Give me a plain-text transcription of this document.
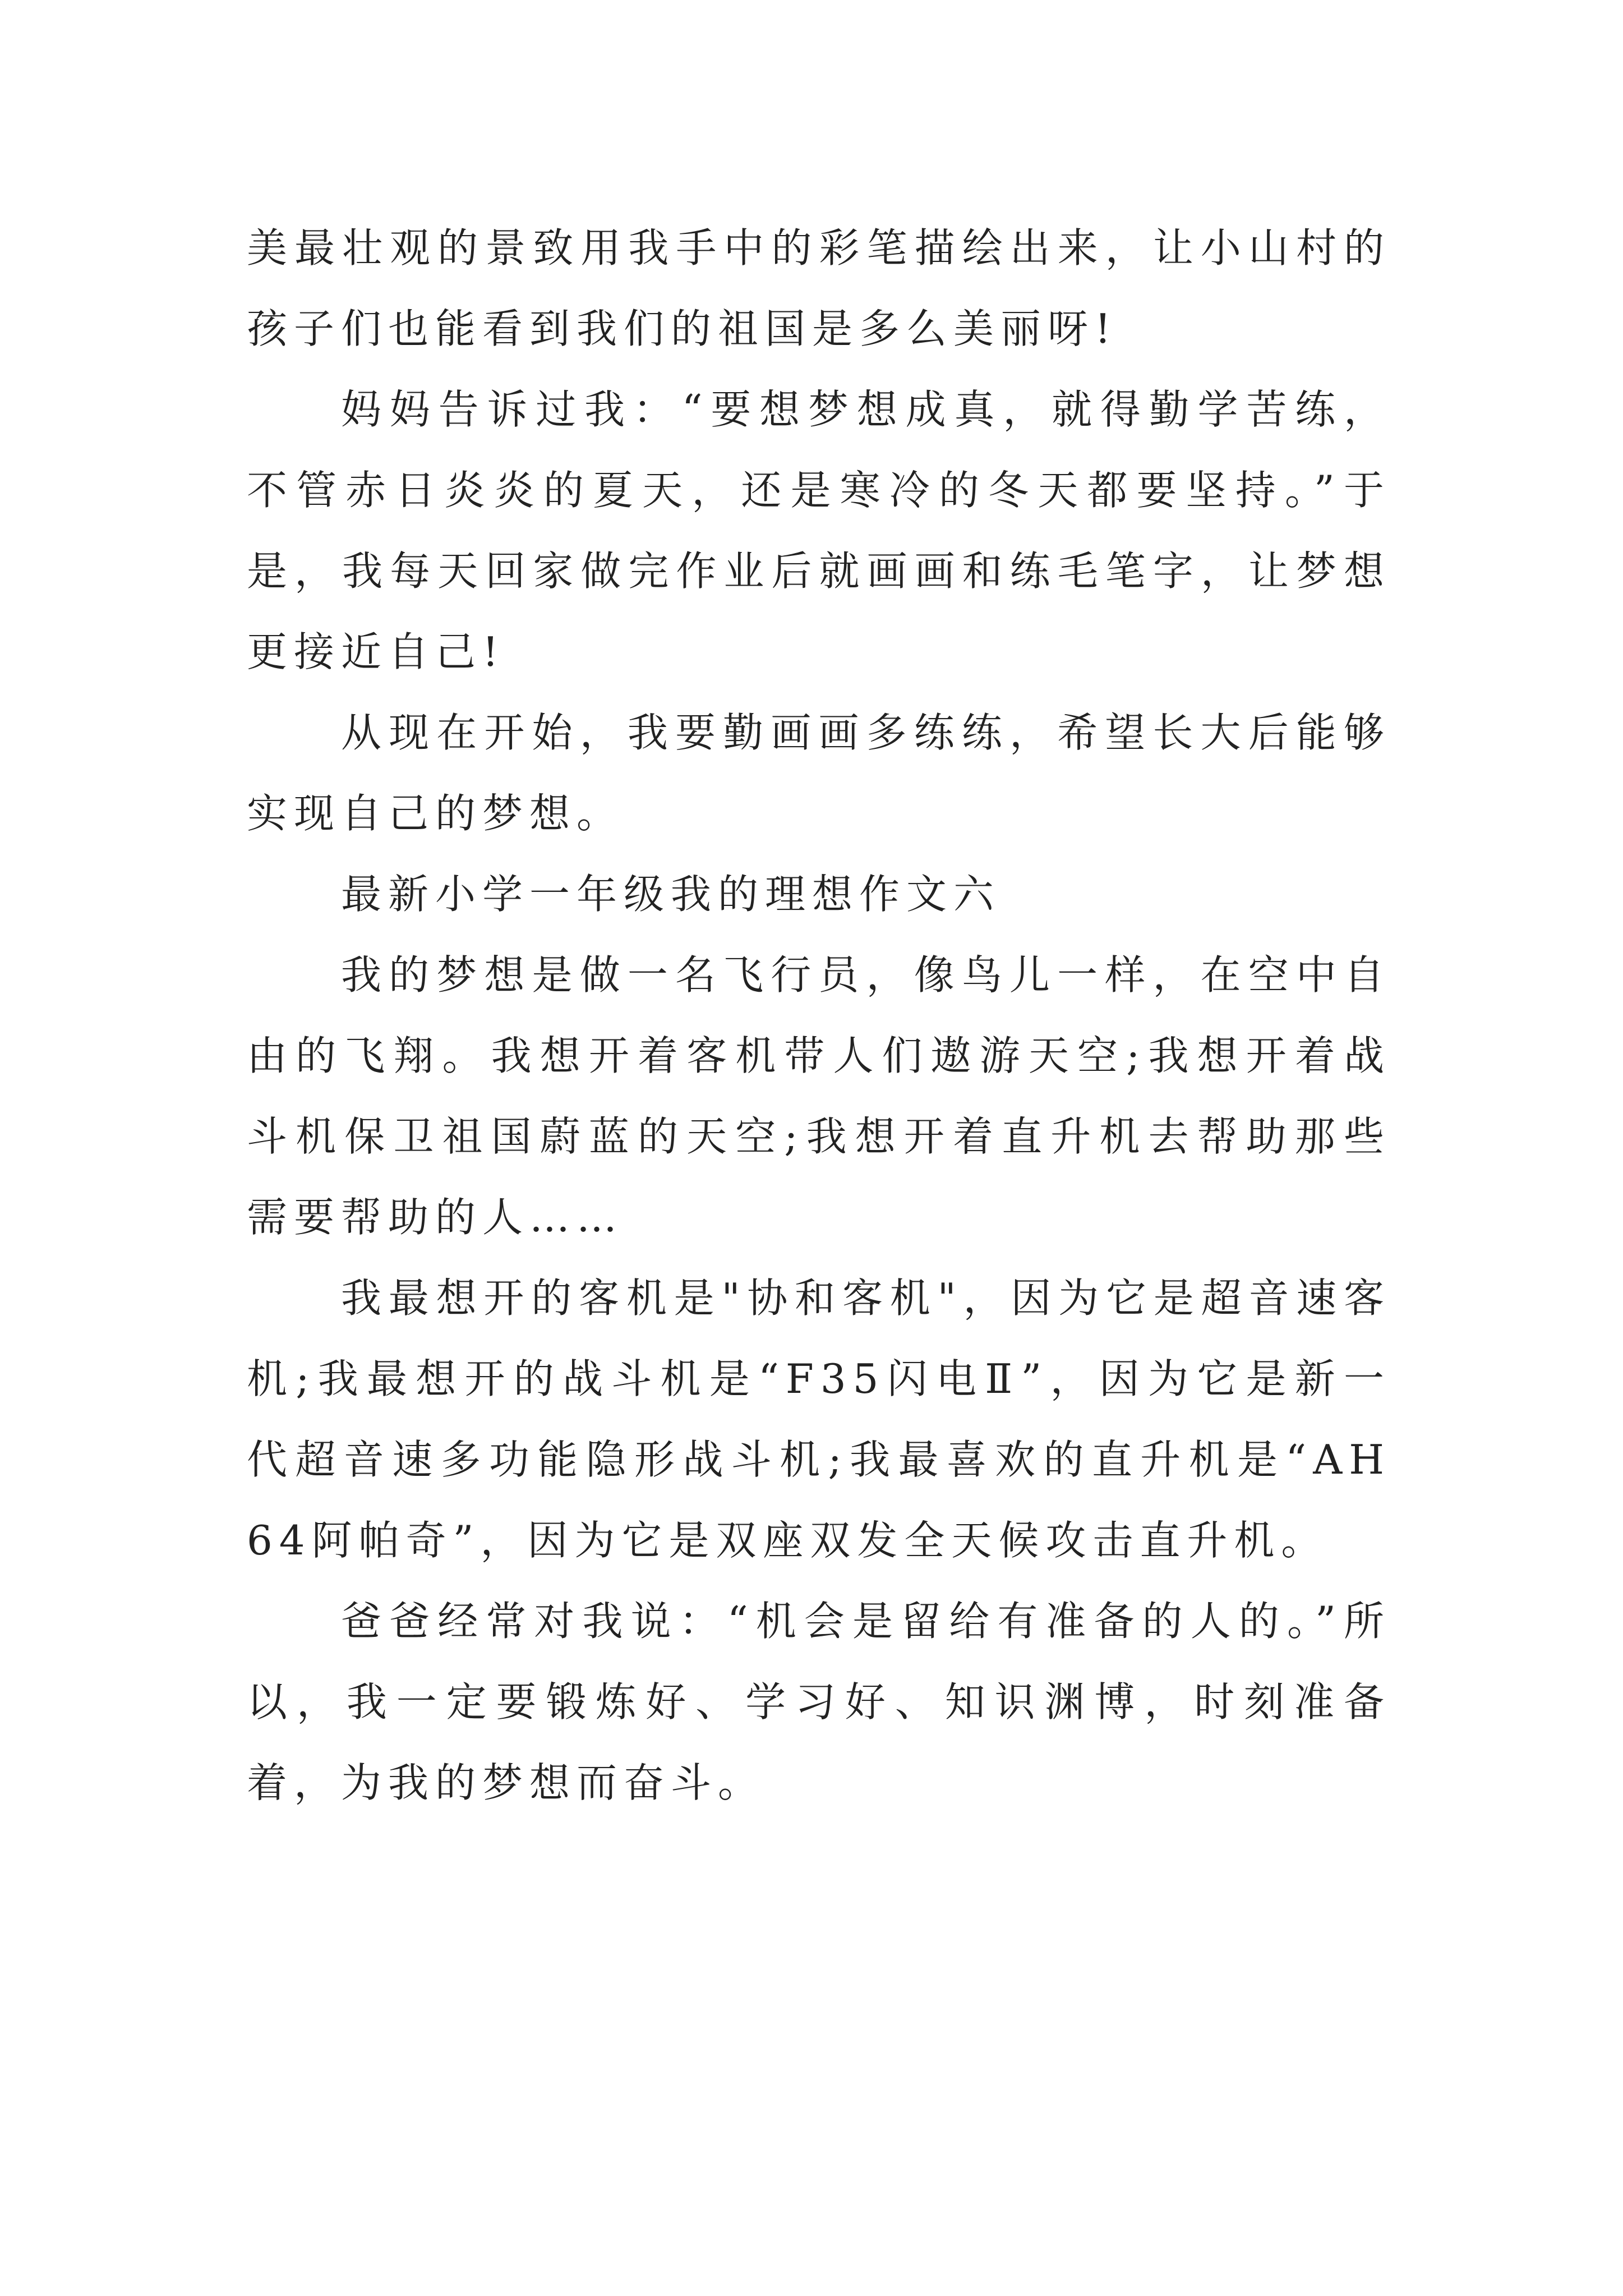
美最壮观的景致用我手中的彩笔描绘出来，让小山村的孩子们也能看到我们的祖国是多么美丽呀!

妈妈告诉过我：“要想梦想成真，就得勤学苦练，不管赤日炎炎的夏天，还是寒冷的冬天都要坚持。”于是，我每天回家做完作业后就画画和练毛笔字，让梦想更接近自己!

从现在开始，我要勤画画多练练，希望长大后能够实现自己的梦想。

最新小学一年级我的理想作文六

我的梦想是做一名飞行员，像鸟儿一样，在空中自由的飞翔。我想开着客机带人们遨游天空;我想开着战斗机保卫祖国蔚蓝的天空;我想开着直升机去帮助那些需要帮助的人……

我最想开的客机是"协和客机"，因为它是超音速客机;我最想开的战斗机是“F35闪电Ⅱ”，因为它是新一代超音速多功能隐形战斗机;我最喜欢的直升机是“AH64阿帕奇”，因为它是双座双发全天候攻击直升机。

爸爸经常对我说：“机会是留给有准备的人的。”所以，我一定要锻炼好、学习好、知识渊博，时刻准备着，为我的梦想而奋斗。
